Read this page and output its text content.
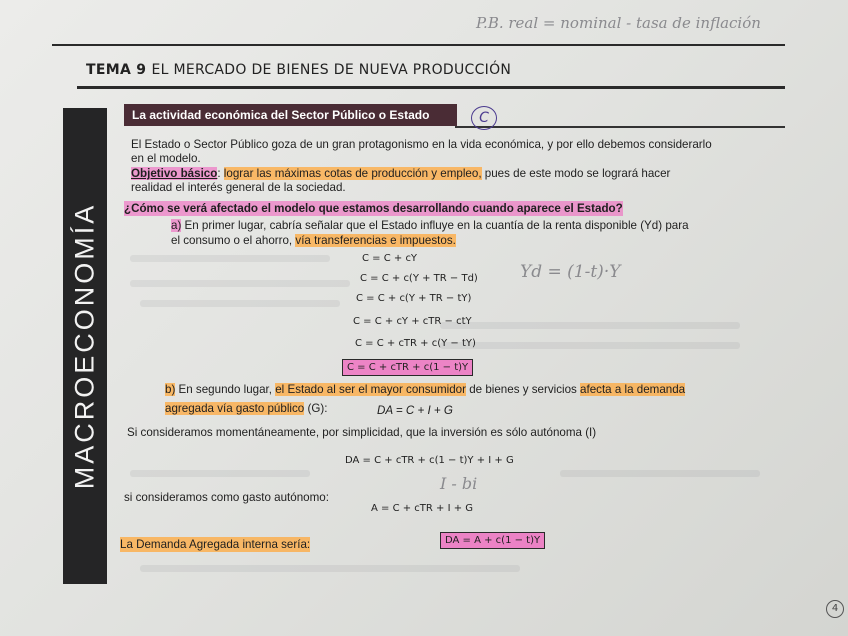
P.B. real = nominal - tasa de inflación
TEMA 9 EL MERCADO DE BIENES DE NUEVA PRODUCCIÓN
MACROECONOMÍA
La actividad económica del Sector Público o Estado	C
El Estado o Sector Público goza de un gran protagonismo en la vida económica, y por ello debemos considerarlo
en el modelo.
Objetivo básico: lograr las máximas cotas de producción y empleo, pues de este modo se logrará hacer
realidad el interés general de la sociedad.
¿Cómo se verá afectado el modelo que estamos desarrollando cuando aparece el Estado?
a) En primer lugar, cabría señalar que el Estado influye en la cuantía de la renta disponible (Yd) para
el consumo o el ahorro, vía transferencias e impuestos.
C = C + cY
C = C + c(Y + TR − Td)
C = C + c(Y + TR − tY)
C = C + cY + cTR − ctY
C = C + cTR + c(Y − tY)
C = C + cTR + c(1 − t)Y
Yd = (1-t)·Y
b) En segundo lugar, el Estado al ser el mayor consumidor de bienes y servicios afecta a la demanda
agregada vía gasto público (G):	DA = C + I + G
Si consideramos momentáneamente, por simplicidad, que la inversión es sólo autónoma (I)
DA = C + cTR + c(1 − t)Y + I + G
I - bi
si consideramos como gasto autónomo:
A = C + cTR + I + G
La Demanda Agregada interna sería:	DA = A + c(1 − t)Y
4
